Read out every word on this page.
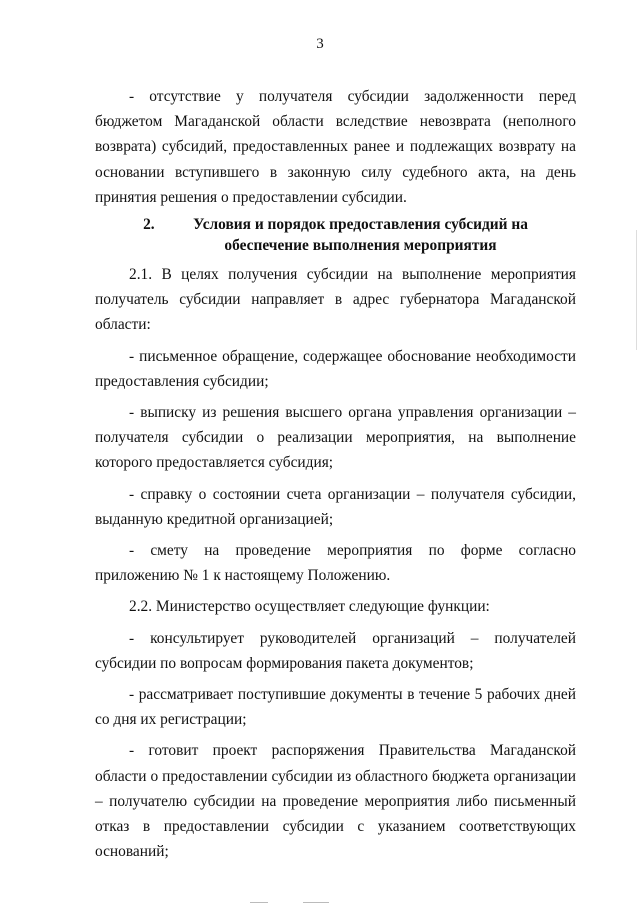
3

- отсутствие у получателя субсидии задолженности перед бюджетом Магаданской области вследствие невозврата (неполного возврата) субсидий, предоставленных ранее и подлежащих возврату на основании вступившего в законную силу судебного акта, на день принятия решения о предоставлении субсидии.

2.	Условия и порядок предоставления субсидий на
обеспечение выполнения мероприятия

2.1. В целях получения субсидии на выполнение мероприятия получатель субсидии направляет в адрес губернатора Магаданской области:

- письменное обращение, содержащее обоснование необходимости предоставления субсидии;

- выписку из решения высшего органа управления организации – получателя субсидии о реализации мероприятия, на выполнение которого предоставляется субсидия;

- справку о состоянии счета организации – получателя субсидии, выданную кредитной организацией;

- смету на проведение мероприятия по форме согласно приложению № 1 к настоящему Положению.

2.2. Министерство осуществляет следующие функции:

- консультирует руководителей организаций – получателей субсидии по вопросам формирования пакета документов;

- рассматривает поступившие документы в течение 5 рабочих дней со дня их регистрации;

- готовит проект распоряжения Правительства Магаданской области о предоставлении субсидии из областного бюджета организации – получателю субсидии на проведение мероприятия либо письменный отказ в предоставлении субсидии с указанием соответствующих оснований;
